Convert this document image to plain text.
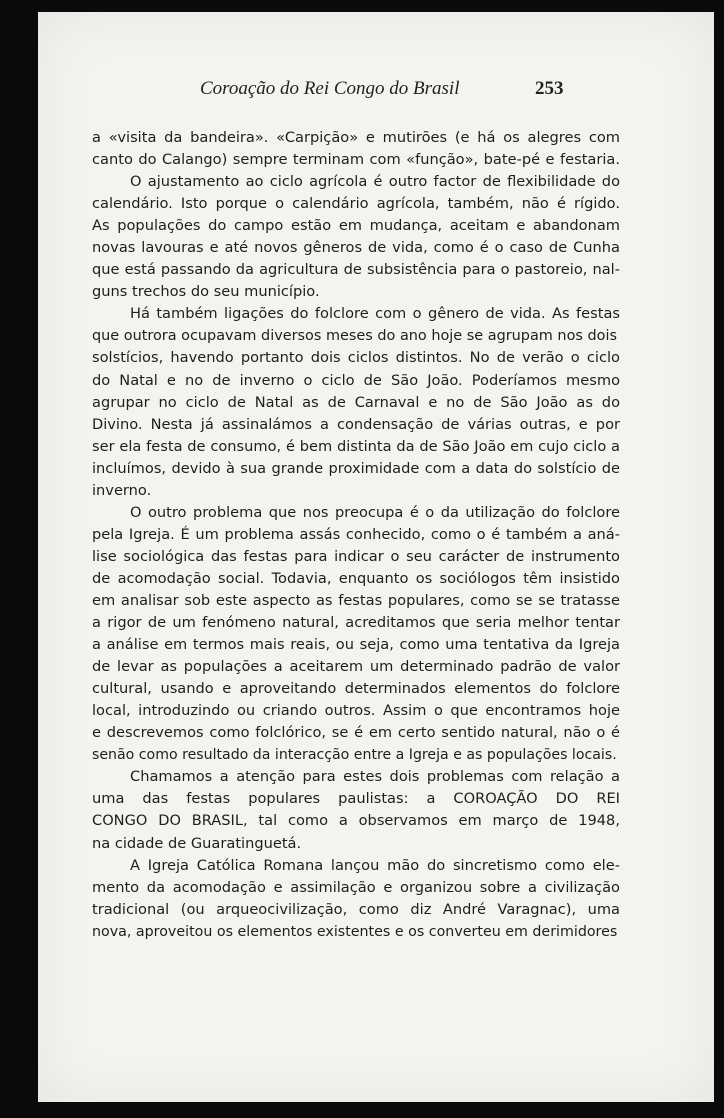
Coroação do Rei Congo do Brasil	253

a «visita da bandeira». «Carpição» e mutirões (e há os alegres com
canto do Calango) sempre terminam com «função», bate-pé e festaria.

O ajustamento ao ciclo agrícola é outro factor de flexibilidade do
calendário. Isto porque o calendário agrícola, também, não é rígido.
As populações do campo estão em mudança, aceitam e abandonam
novas lavouras e até novos gêneros de vida, como é o caso de Cunha
que está passando da agricultura de subsistência para o pastoreio, nal-
guns trechos do seu município.

Há também ligações do folclore com o gênero de vida. As festas
que outrora ocupavam diversos meses do ano hoje se agrupam nos dois
solstícios, havendo portanto dois ciclos distintos. No de verão o ciclo
do Natal e no de inverno o ciclo de São João. Poderíamos mesmo
agrupar no ciclo de Natal as de Carnaval e no de São João as do
Divino. Nesta já assinalámos a condensação de várias outras, e por
ser ela festa de consumo, é bem distinta da de São João em cujo ciclo a
incluímos, devido à sua grande proximidade com a data do solstício de
inverno.

O outro problema que nos preocupa é o da utilização do folclore
pela Igreja. É um problema assás conhecido, como o é também a aná-
lise sociológica das festas para indicar o seu carácter de instrumento
de acomodação social. Todavia, enquanto os sociólogos têm insistido
em analisar sob este aspecto as festas populares, como se se tratasse
a rigor de um fenómeno natural, acreditamos que seria melhor tentar
a análise em termos mais reais, ou seja, como uma tentativa da Igreja
de levar as populações a aceitarem um determinado padrão de valor
cultural, usando e aproveitando determinados elementos do folclore
local, introduzindo ou criando outros. Assim o que encontramos hoje
e descrevemos como folclórico, se é em certo sentido natural, não o é
senão como resultado da interacção entre a Igreja e as populações locais.

Chamamos a atenção para estes dois problemas com relação a
uma das festas populares paulistas: a COROAÇÃO DO REI
CONGO DO BRASIL, tal como a observamos em março de 1948,
na cidade de Guaratinguetá.

A Igreja Católica Romana lançou mão do sincretismo como ele-
mento da acomodação e assimilação e organizou sobre a civilização
tradicional (ou arqueocivilização, como diz André Varagnac), uma
nova, aproveitou os elementos existentes e os converteu em derimidores
